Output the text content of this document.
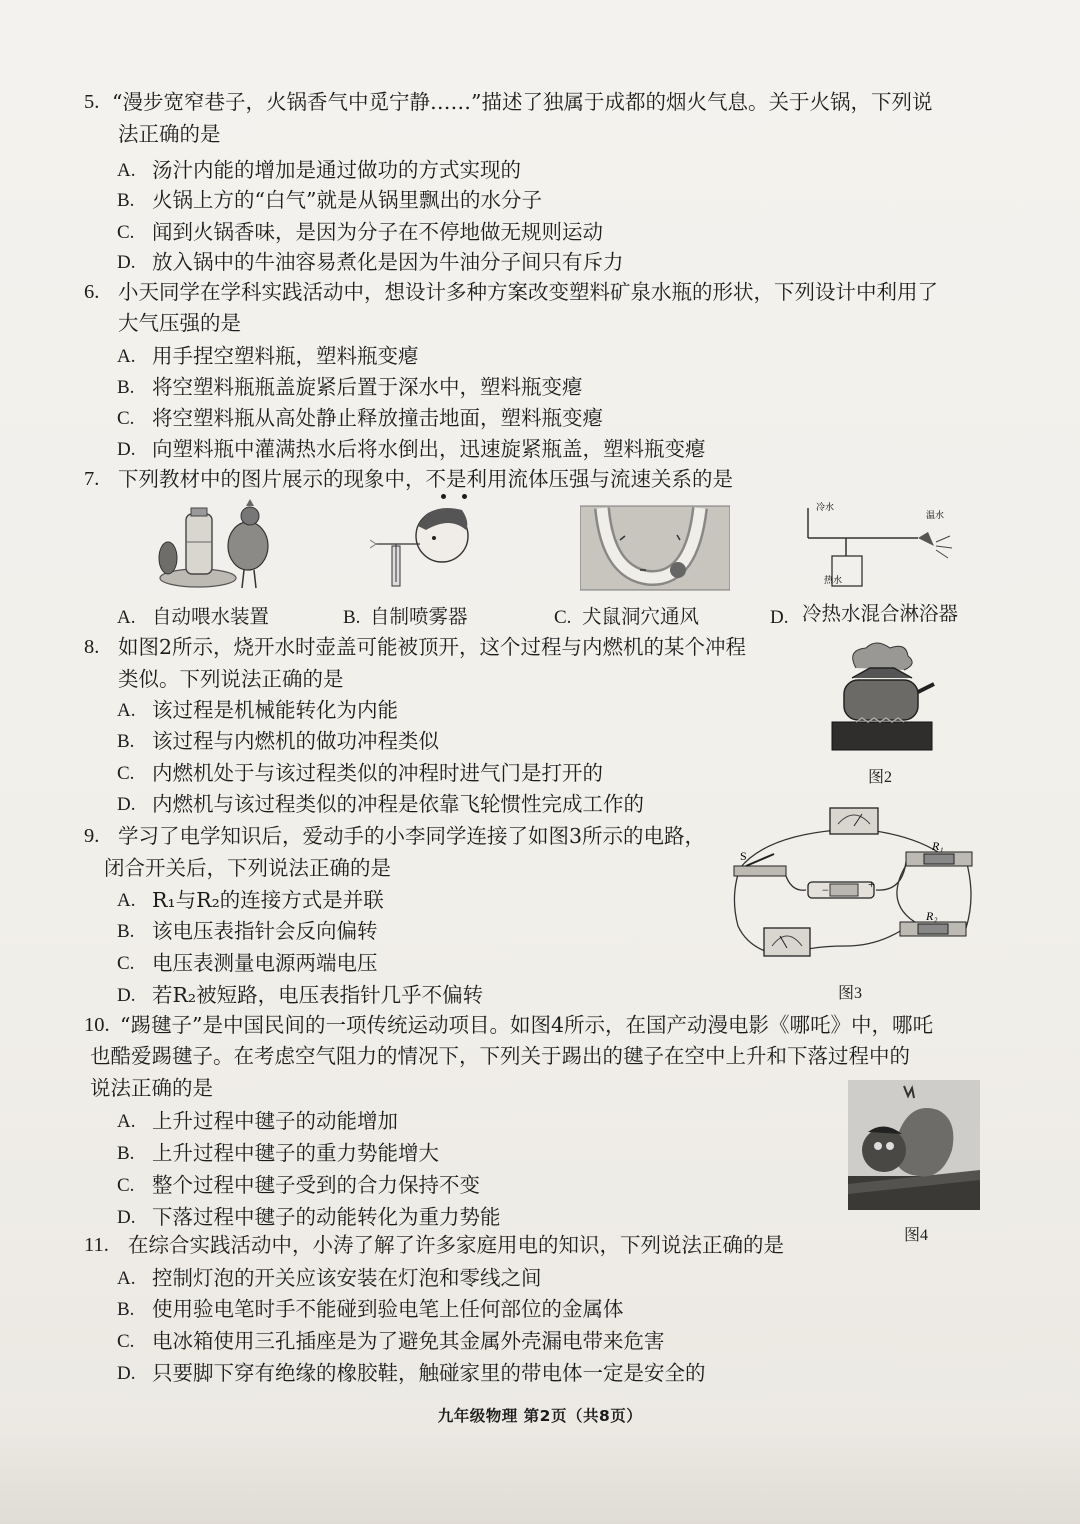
5. “漫步宽窄巷子，火锅香气中觅宁静……”描述了独属于成都的烟火气息。关于火锅，下列说
法正确的是
A. 汤汁内能的增加是通过做功的方式实现的
B. 火锅上方的“白气”就是从锅里飘出的水分子
C. 闻到火锅香味，是因为分子在不停地做无规则运动
D. 放入锅中的牛油容易煮化是因为牛油分子间只有斥力
6. 小天同学在学科实践活动中，想设计多种方案改变塑料矿泉水瓶的形状，下列设计中利用了
大气压强的是
A. 用手捏空塑料瓶，塑料瓶变瘪
B. 将空塑料瓶瓶盖旋紧后置于深水中，塑料瓶变瘪
C. 将空塑料瓶从高处静止释放撞击地面，塑料瓶变瘪
D. 向塑料瓶中灌满热水后将水倒出，迅速旋紧瓶盖，塑料瓶变瘪
7. 下列教材中的图片展示的现象中，不是利用流体压强与流速关系的是
冷水
温水
热水
A. 自动喂水装置	B. 自制喷雾器	C. 犬鼠洞穴通风	D. 冷热水混合淋浴器
8. 如图2所示，烧开水时壶盖可能被顶开，这个过程与内燃机的某个冲程
类似。下列说法正确的是
A. 该过程是机械能转化为内能
B. 该过程与内燃机的做功冲程类似
C. 内燃机处于与该过程类似的冲程时进气门是打开的
D. 内燃机与该过程类似的冲程是依靠飞轮惯性完成工作的
图2
9. 学习了电学知识后，爱动手的小李同学连接了如图3所示的电路，
闭合开关后，下列说法正确的是
A. R₁与R₂的连接方式是并联
B. 该电压表指针会反向偏转
C. 电压表测量电源两端电压
D. 若R₂被短路，电压表指针几乎不偏转
S
−	+
R₁
R₂
图3
10. “踢毽子”是中国民间的一项传统运动项目。如图4所示，在国产动漫电影《哪吒》中，哪吒
也酷爱踢毽子。在考虑空气阻力的情况下，下列关于踢出的毽子在空中上升和下落过程中的
说法正确的是
A. 上升过程中毽子的动能增加
B. 上升过程中毽子的重力势能增大
C. 整个过程中毽子受到的合力保持不变
D. 下落过程中毽子的动能转化为重力势能
图4
11. 在综合实践活动中，小涛了解了许多家庭用电的知识，下列说法正确的是
A. 控制灯泡的开关应该安装在灯泡和零线之间
B. 使用验电笔时手不能碰到验电笔上任何部位的金属体
C. 电冰箱使用三孔插座是为了避免其金属外壳漏电带来危害
D. 只要脚下穿有绝缘的橡胶鞋，触碰家里的带电体一定是安全的
九年级物理 第2页（共8页）
